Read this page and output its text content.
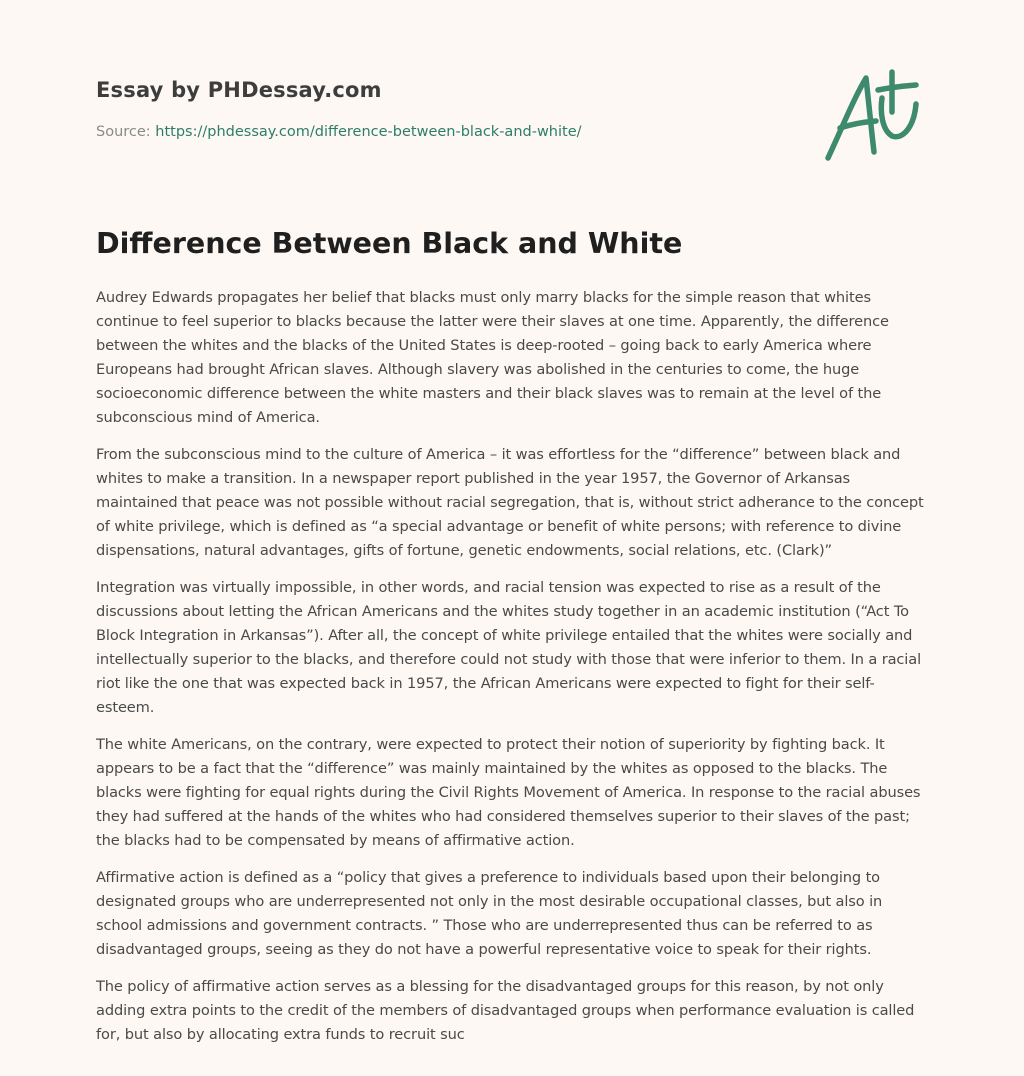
Essay by PHDessay.com

Source: https://phdessay.com/difference-between-black-and-white/

Difference Between Black and White

Audrey Edwards propagates her belief that blacks must only marry blacks for the simple reason that whites continue to feel superior to blacks because the latter were their slaves at one time. Apparently, the difference between the whites and the blacks of the United States is deep-rooted – going back to early America where Europeans had brought African slaves. Although slavery was abolished in the centuries to come, the huge socioeconomic difference between the white masters and their black slaves was to remain at the level of the subconscious mind of America.

From the subconscious mind to the culture of America – it was effortless for the “difference” between black and whites to make a transition. In a newspaper report published in the year 1957, the Governor of Arkansas maintained that peace was not possible without racial segregation, that is, without strict adherance to the concept of white privilege, which is defined as “a special advantage or benefit of white persons; with reference to divine dispensations, natural advantages, gifts of fortune, genetic endowments, social relations, etc. (Clark)”

Integration was virtually impossible, in other words, and racial tension was expected to rise as a result of the discussions about letting the African Americans and the whites study together in an academic institution (“Act To Block Integration in Arkansas”). After all, the concept of white privilege entailed that the whites were socially and intellectually superior to the blacks, and therefore could not study with those that were inferior to them. In a racial riot like the one that was expected back in 1957, the African Americans were expected to fight for their self-esteem.

The white Americans, on the contrary, were expected to protect their notion of superiority by fighting back. It appears to be a fact that the “difference” was mainly maintained by the whites as opposed to the blacks. The blacks were fighting for equal rights during the Civil Rights Movement of America. In response to the racial abuses they had suffered at the hands of the whites who had considered themselves superior to their slaves of the past; the blacks had to be compensated by means of affirmative action.

Affirmative action is defined as a “policy that gives a preference to individuals based upon their belonging to designated groups who are underrepresented not only in the most desirable occupational classes, but also in school admissions and government contracts. ” Those who are underrepresented thus can be referred to as disadvantaged groups, seeing as they do not have a powerful representative voice to speak for their rights.

The policy of affirmative action serves as a blessing for the disadvantaged groups for this reason, by not only adding extra points to the credit of the members of disadvantaged groups when performance evaluation is called for, but also by allocating extra funds to recruit suc
